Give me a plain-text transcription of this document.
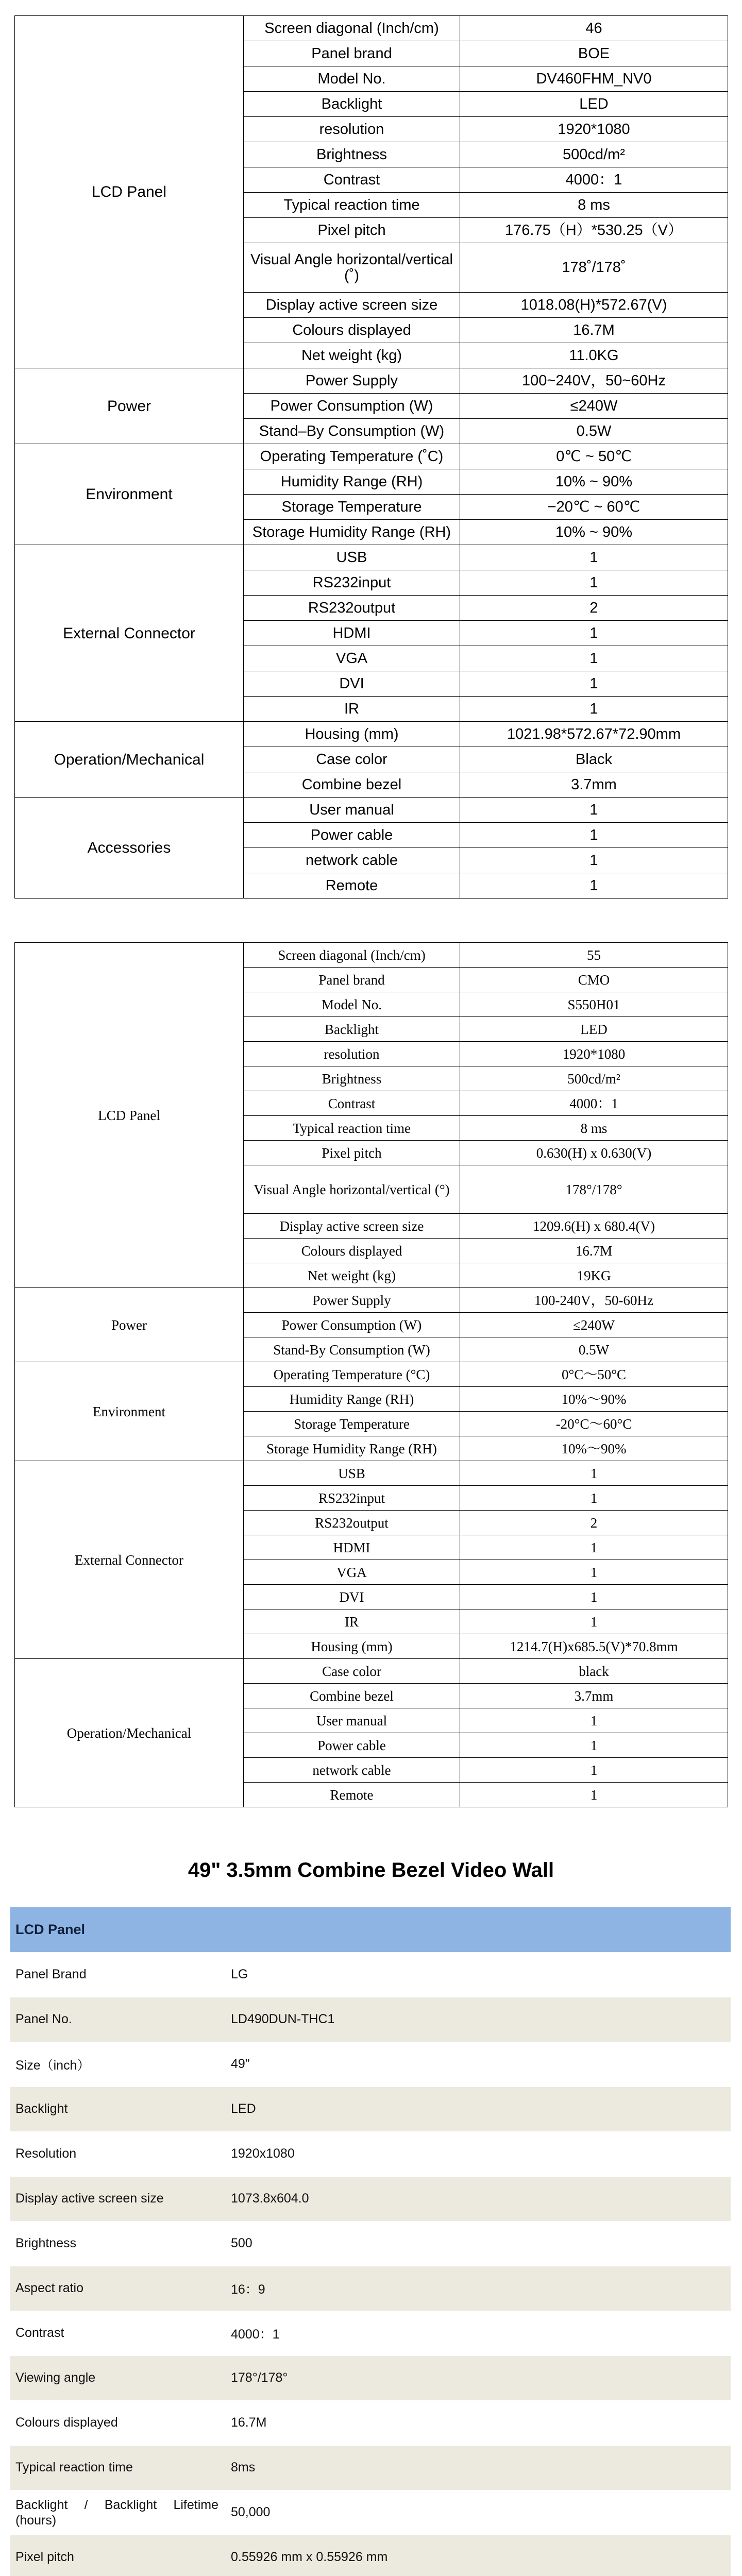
LCD Panel	Screen diagonal (Inch/cm)	46
	Panel brand	BOE
	Model No.	DV460FHM_NV0
	Backlight	LED
	resolution	1920*1080
	Brightness	500cd/m²
	Contrast	4000：1
	Typical reaction time	8 ms
	Pixel pitch	176.75（H）*530.25（V）
	Visual Angle horizontal/vertical (˚)	178˚/178˚
	Display active screen size	1018.08(H)*572.67(V)
	Colours displayed	16.7M
	Net weight (kg)	11.0KG
Power	Power Supply	100~240V，50~60Hz
	Power Consumption (W)	≤240W
	Stand–By Consumption (W)	0.5W
Environment	Operating Temperature (˚C)	0℃ ~ 50℃
	Humidity Range (RH)	10% ~ 90%
	Storage Temperature	−20℃ ~ 60℃
	Storage Humidity Range (RH)	10% ~ 90%
External Connector	USB	1
	RS232input	1
	RS232output	2
	HDMI	1
	VGA	1
	DVI	1
	IR	1
Operation/Mechanical	Housing (mm)	1021.98*572.67*72.90mm
	Case color	Black
	Combine bezel	3.7mm
Accessories	User manual	1
	Power cable	1
	network cable	1
	Remote	1
LCD Panel	Screen diagonal (Inch/cm)	55
	Panel brand	CMO
	Model No.	S550H01
	Backlight	LED
	resolution	1920*1080
	Brightness	500cd/m²
	Contrast	4000：1
	Typical reaction time	8 ms
	Pixel pitch	0.630(H) x 0.630(V)
	Visual Angle horizontal/vertical (°)	178°/178°
	Display active screen size	1209.6(H) x 680.4(V)
	Colours displayed	16.7M
	Net weight (kg)	19KG
Power	Power Supply	100-240V，50-60Hz
	Power Consumption (W)	≤240W
	Stand-By Consumption (W)	0.5W
Environment	Operating Temperature (°C)	0°C～50°C
	Humidity Range (RH)	10%～90%
	Storage Temperature	-20°C～60°C
	Storage Humidity Range (RH)	10%～90%
External Connector	USB	1
	RS232input	1
	RS232output	2
	HDMI	1
	VGA	1
	DVI	1
	IR	1
	Housing (mm)	1214.7(H)x685.5(V)*70.8mm
Operation/Mechanical	Case color	black
	Combine bezel	3.7mm
	User manual	1
	Power cable	1
	network cable	1
	Remote	1
49" 3.5mm Combine Bezel Video Wall
LCD Panel	
Panel Brand	LG
Panel No.	LD490DUN-THC1
Size（inch）	49"
Backlight	LED
Resolution	1920x1080
Display active screen size	1073.8x604.0
Brightness	500
Aspect ratio	16：9
Contrast	4000：1
Viewing angle	178°/178°
Colours displayed	16.7M
Typical reaction time	8ms
Backlight / Backlight Lifetime (hours)	50,000
Pixel pitch	0.55926 mm x 0.55926 mm
